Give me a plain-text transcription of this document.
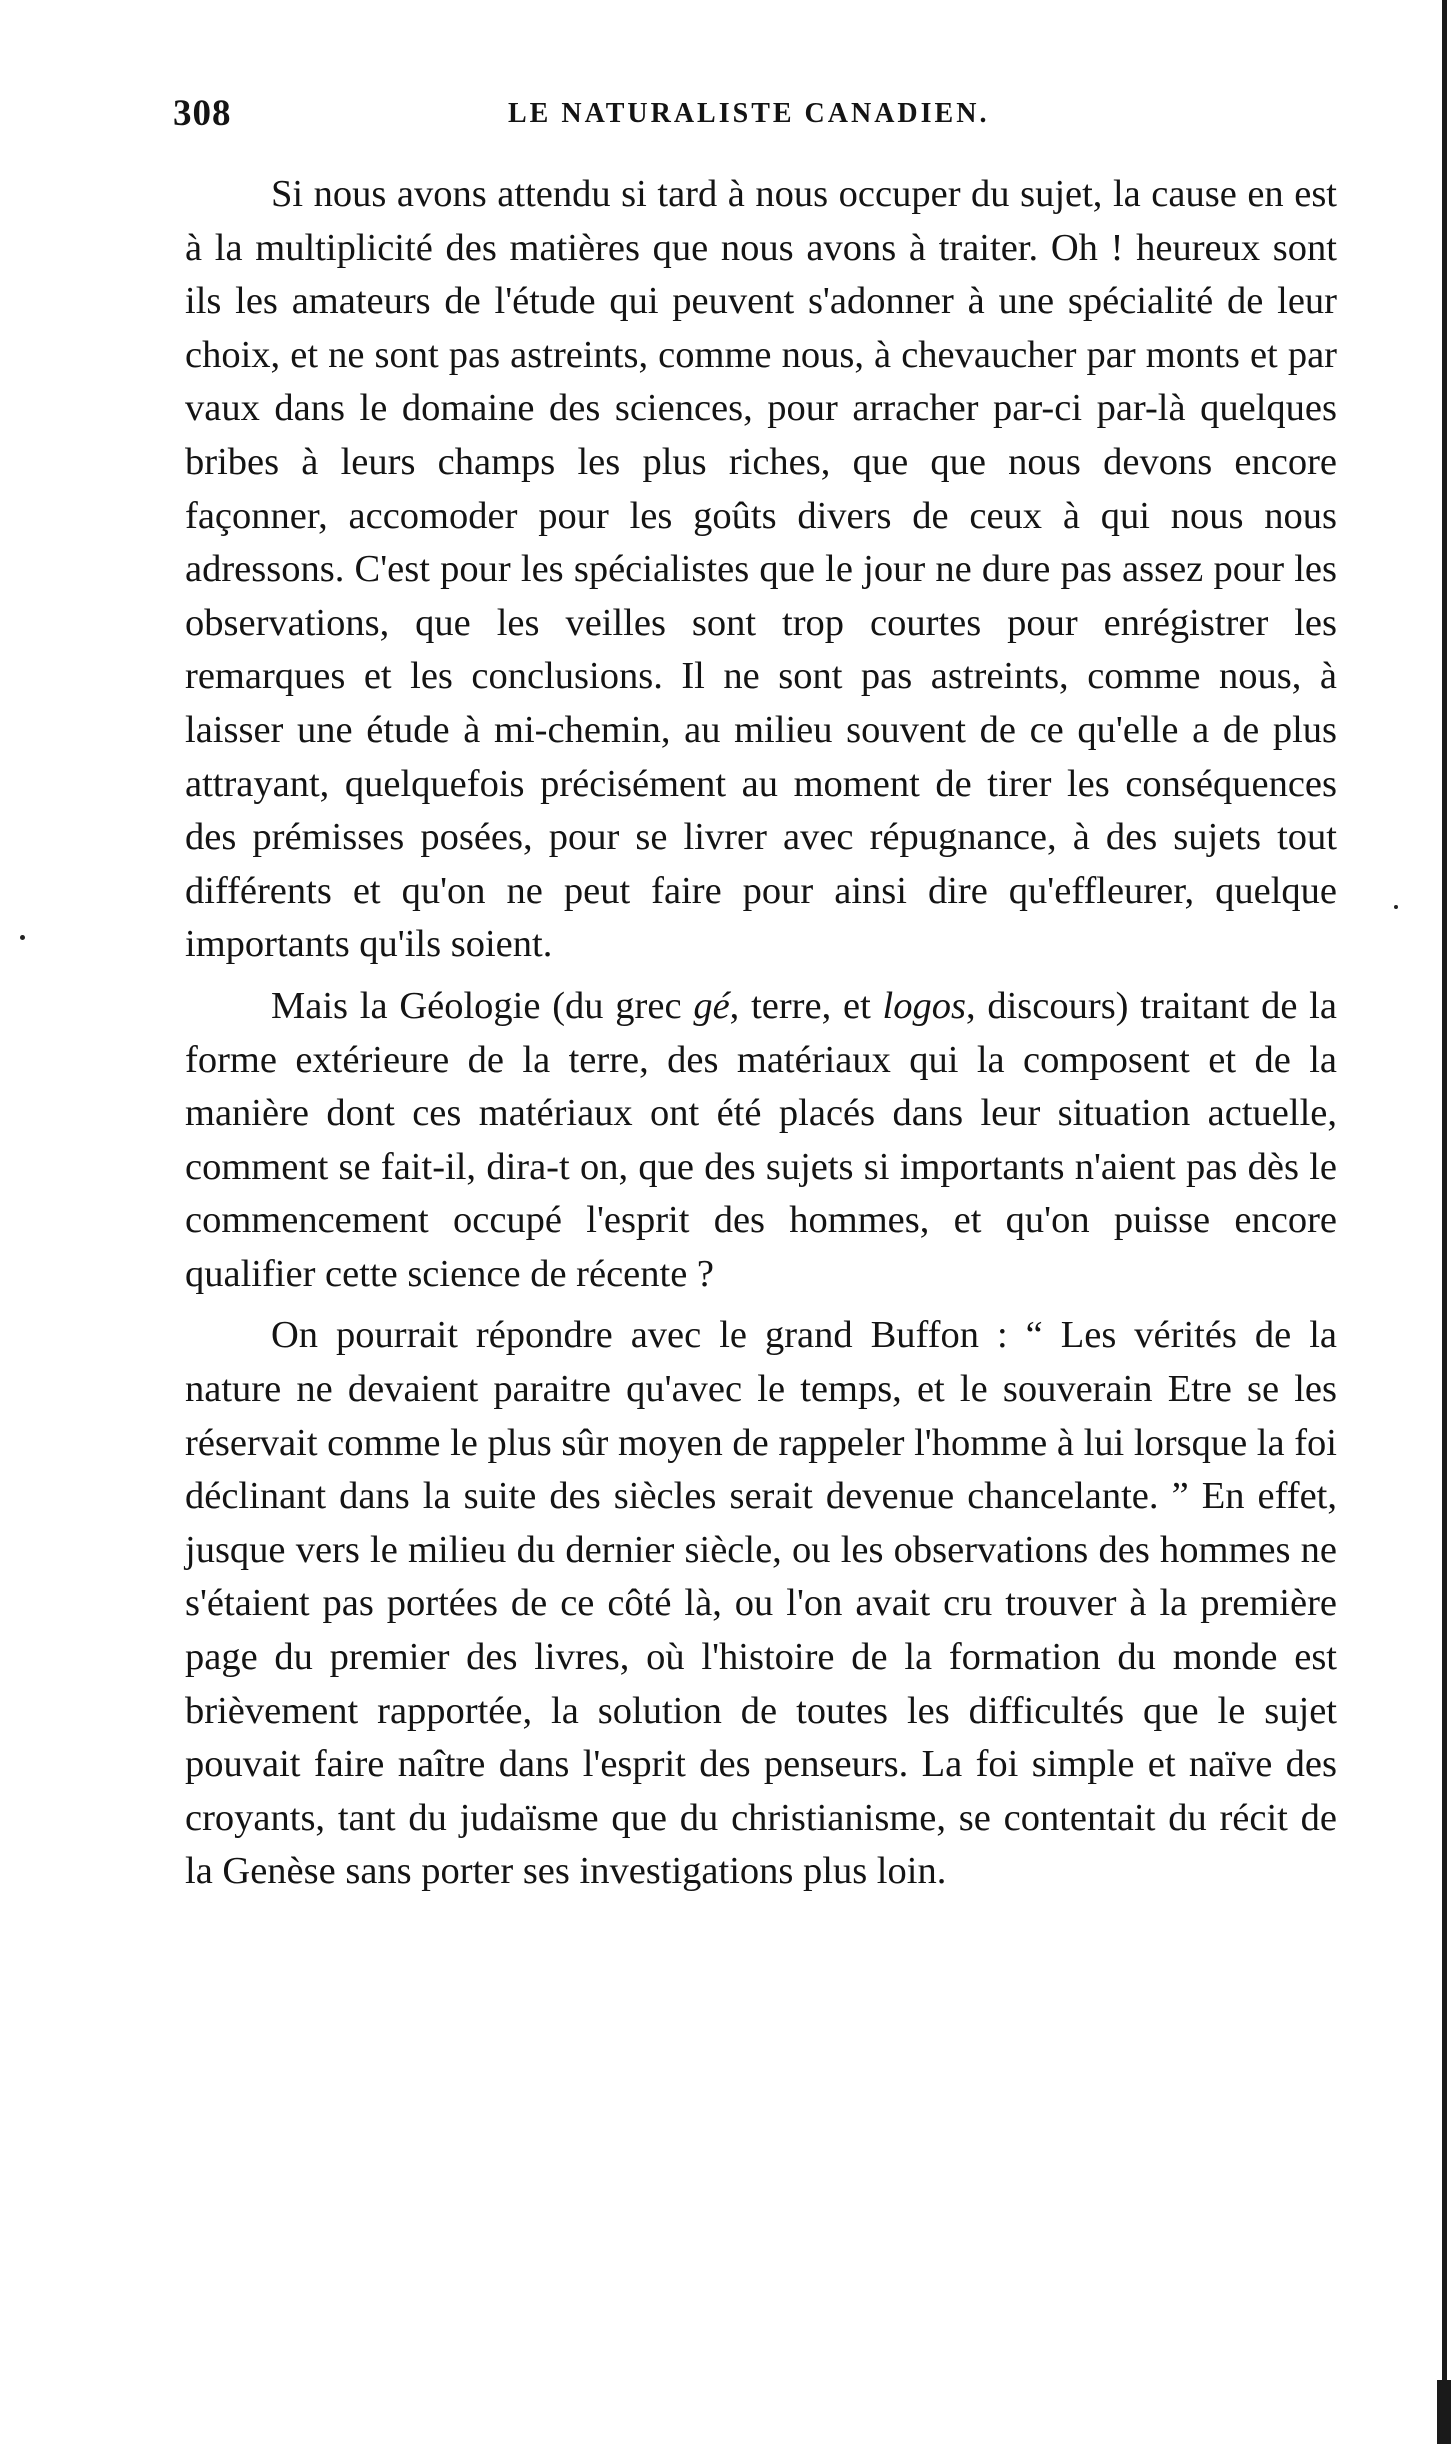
308	LE NATURALISTE CANADIEN.

Si nous avons attendu si tard à nous occuper du sujet, la cause en est à la multiplicité des matières que nous avons à traiter. Oh ! heureux sont ils les amateurs de l'étude qui peuvent s'adonner à une spécialité de leur choix, et ne sont pas astreints, comme nous, à chevaucher par monts et par vaux dans le domaine des sciences, pour arracher par-ci par-là quelques bribes à leurs champs les plus riches, que que nous devons encore façonner, accomoder pour les goûts divers de ceux à qui nous nous adressons. C'est pour les spécialistes que le jour ne dure pas assez pour les observations, que les veilles sont trop courtes pour enrégistrer les remarques et les conclusions. Il ne sont pas astreints, comme nous, à laisser une étude à mi-chemin, au milieu souvent de ce qu'elle a de plus attrayant, quelquefois précisément au moment de tirer les conséquences des prémisses posées, pour se livrer avec répugnance, à des sujets tout différents et qu'on ne peut faire pour ainsi dire qu'effleurer, quelque importants qu'ils soient.

Mais la Géologie (du grec gé, terre, et logos, discours) traitant de la forme extérieure de la terre, des matériaux qui la composent et de la manière dont ces matériaux ont été placés dans leur situation actuelle, comment se fait-il, dira-t on, que des sujets si importants n'aient pas dès le commencement occupé l'esprit des hommes, et qu'on puisse encore qualifier cette science de récente ?

On pourrait répondre avec le grand Buffon : “ Les vérités de la nature ne devaient paraitre qu'avec le temps, et le souverain Etre se les réservait comme le plus sûr moyen de rappeler l'homme à lui lorsque la foi déclinant dans la suite des siècles serait devenue chancelante. ” En effet, jusque vers le milieu du dernier siècle, ou les observations des hommes ne s'étaient pas portées de ce côté là, ou l'on avait cru trouver à la première page du premier des livres, où l'histoire de la formation du monde est brièvement rapportée, la solution de toutes les difficultés que le sujet pouvait faire naître dans l'esprit des penseurs. La foi simple et naïve des croyants, tant du judaïsme que du christianisme, se contentait du récit de la Genèse sans porter ses investigations plus loin.
